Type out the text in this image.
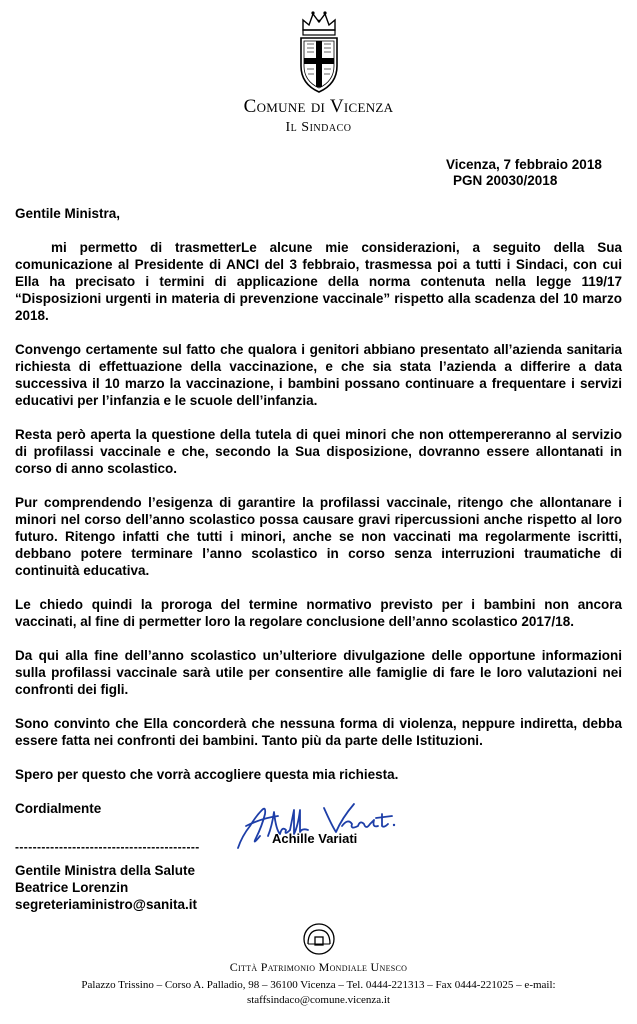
Comune di Vicenza
Il Sindaco
Vicenza, 7 febbraio 2018
PGN 20030/2018

Gentile Ministra,

mi permetto di trasmetterLe alcune mie considerazioni, a seguito della Sua comunicazione al Presidente di ANCI del 3 febbraio, trasmessa poi a tutti i Sindaci, con cui Ella ha precisato i termini di applicazione della norma contenuta nella legge 119/17 “Disposizioni urgenti in materia di prevenzione vaccinale” rispetto alla scadenza del 10 marzo 2018.

Convengo certamente sul fatto che qualora i genitori abbiano presentato all’azienda sanitaria richiesta di effettuazione della vaccinazione, e che sia stata l’azienda a differire a data successiva il 10 marzo la vaccinazione, i bambini possano continuare a frequentare i servizi educativi per l’infanzia e le scuole dell’infanzia.

Resta però aperta la questione della tutela di quei minori che non ottempereranno al servizio di profilassi vaccinale e che, secondo la Sua disposizione, dovranno essere allontanati in corso di anno scolastico.

Pur comprendendo l’esigenza di garantire la profilassi vaccinale, ritengo che allontanare i minori nel corso dell’anno scolastico possa causare gravi ripercussioni anche rispetto al loro futuro. Ritengo infatti che tutti i minori, anche se non vaccinati ma regolarmente iscritti, debbano potere terminare l’anno scolastico in corso senza interruzioni traumatiche di continuità educativa.

Le chiedo quindi la proroga del termine normativo previsto per i bambini non ancora vaccinati, al fine di permetter loro la regolare conclusione dell’anno scolastico 2017/18.

Da qui alla fine dell’anno scolastico un’ulteriore divulgazione delle opportune informazioni sulla profilassi vaccinale sarà utile per consentire alle famiglie di fare le loro valutazioni nei confronti dei figli.

Sono convinto che Ella concorderà che nessuna forma di violenza, neppure indiretta, debba essere fatta nei confronti dei bambini. Tanto più da parte delle Istituzioni.

Spero per questo che vorrà accogliere questa mia richiesta.

Cordialmente

Achille Variati
------------------------------------------
Gentile Ministra della Salute
Beatrice Lorenzin
segreteriaministro@sanita.it
Città Patrimonio Mondiale Unesco
Palazzo Trissino – Corso A. Palladio, 98 – 36100 Vicenza – Tel. 0444-221313 – Fax 0444-221025 – e-mail:
staffsindaco@comune.vicenza.it
